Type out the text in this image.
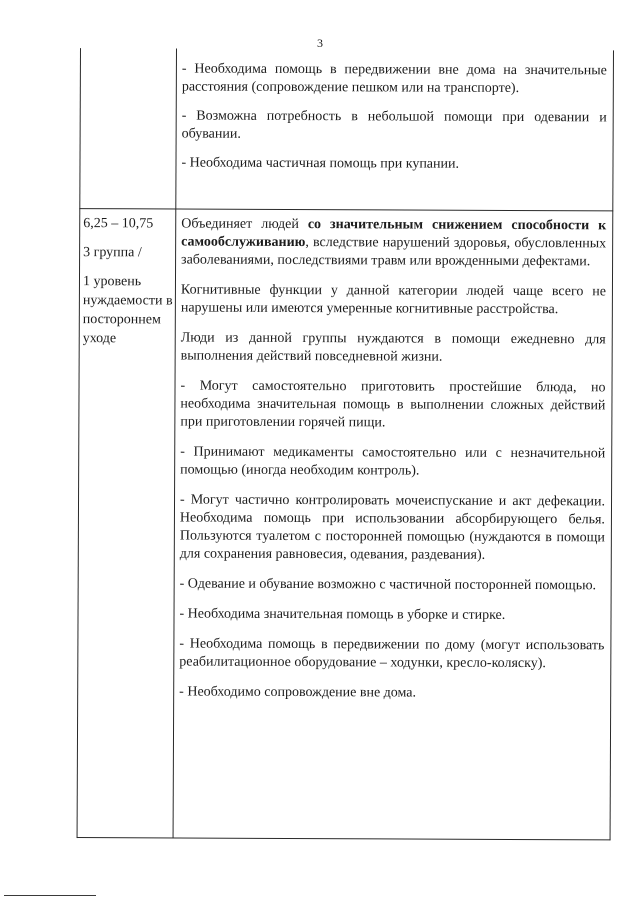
3

- Необходима помощь в передвижении вне дома на значительные расстояния (сопровождение пешком или на транспорте).

- Возможна потребность в небольшой помощи при одевании и обувании.

- Необходима частичная помощь при купании.

6,25 – 10,75

3 группа /

1 уровень нуждаемости в постороннем уходе

Объединяет людей со значительным снижением способности к самообслуживанию, вследствие нарушений здоровья, обусловленных заболеваниями, последствиями травм или врожденными дефектами.

Когнитивные функции у данной категории людей чаще всего не нарушены или имеются умеренные когнитивные расстройства.

Люди из данной группы нуждаются в помощи ежедневно для выполнения действий повседневной жизни.

- Могут самостоятельно приготовить простейшие блюда, но необходима значительная помощь в выполнении сложных действий при приготовлении горячей пищи.

- Принимают медикаменты самостоятельно или с незначительной помощью (иногда необходим контроль).

- Могут частично контролировать мочеиспускание и акт дефекации. Необходима помощь при использовании абсорбирующего белья. Пользуются туалетом с посторонней помощью (нуждаются в помощи для сохранения равновесия, одевания, раздевания).

- Одевание и обувание возможно с частичной посторонней помощью.

- Необходима значительная помощь в уборке и стирке.

- Необходима помощь в передвижении по дому (могут использовать реабилитационное оборудование – ходунки, кресло-коляску).

- Необходимо сопровождение вне дома.
